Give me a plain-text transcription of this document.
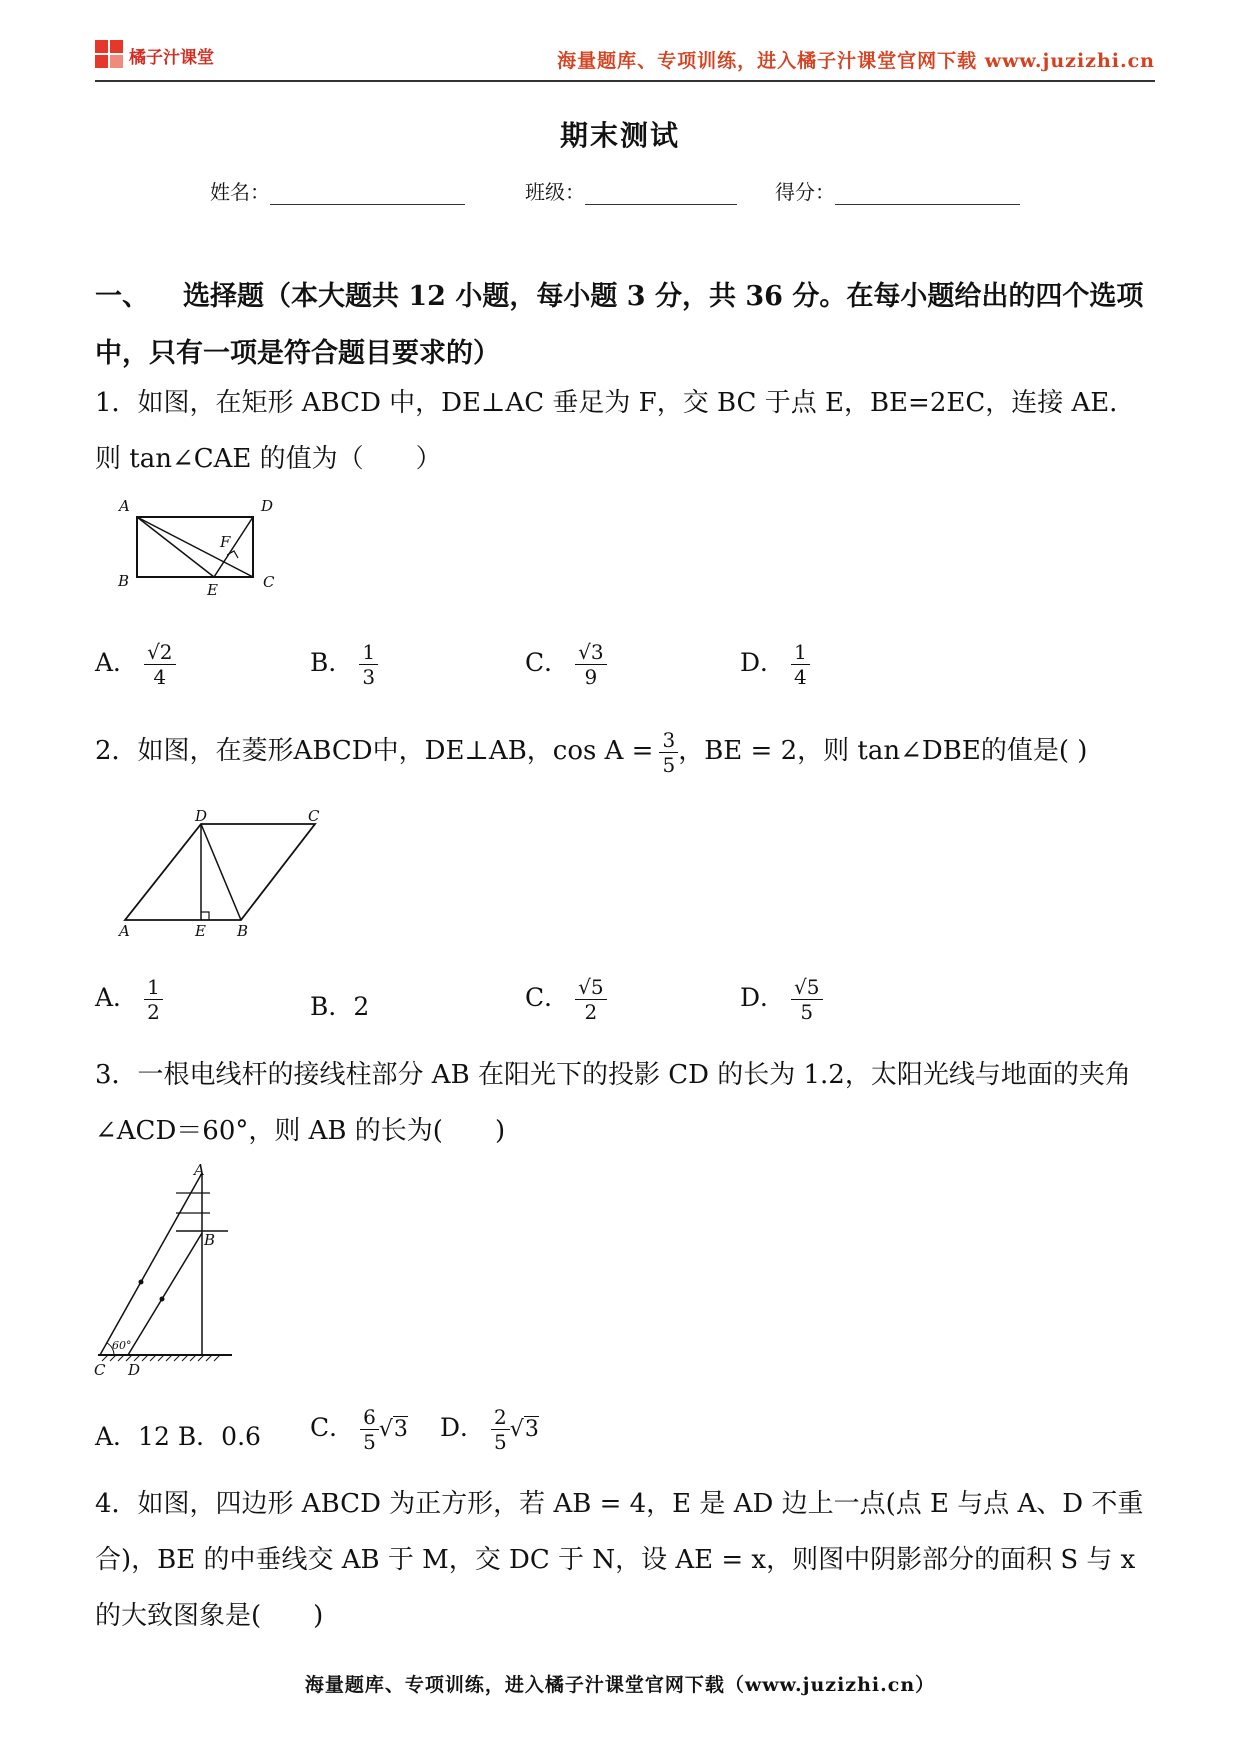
橘子汁课堂	海量题库、专项训练，进入橘子汁课堂官网下载 www.juzizhi.cn
期末测试
姓名：	班级：	得分：
一、 选择题（本大题共 12 小题，每小题 3 分，共 36 分。在每小题给出的四个选项中，只有一项是符合题目要求的）
1．如图，在矩形 ABCD 中，DE⊥AC 垂足为 F，交 BC 于点 E，BE=2EC，连接 AE．则 tan∠CAE 的值为（　　）
A	D
F
B	E	C
A． $\frac{√2}{4}$	B． $\frac{1}{3}$	C． $\frac{√3}{9}$	D． $\frac{1}{4}$
2．如图，在菱形ABCD中，DE⊥AB，$\cos A = \frac{3}{5}$ ，BE = 2，则 tan∠DBE的值是( )
D	C
A	E B
A． $\frac{1}{2}$	B．2	C． $\frac{√5}{2}$	D． $\frac{√5}{5}$
3．一根电线杆的接线柱部分 AB 在阳光下的投影 CD 的长为 1.2，太阳光线与地面的夹角∠ACD＝60°，则 AB 的长为(　　)
A
B
60°
C D
A．12 B．0.6 C． $\frac{6}{5} √3$ D． $\frac{2}{5} √3$
4．如图，四边形 ABCD 为正方形，若 AB = 4，E 是 AD 边上一点(点 E 与点 A、D 不重合)，BE 的中垂线交 AB 于 M，交 DC 于 N，设 AE = x，则图中阴影部分的面积 S 与 x 的大致图象是(　　)
海量题库、专项训练，进入橘子汁课堂官网下载（www.juzizhi.cn）
